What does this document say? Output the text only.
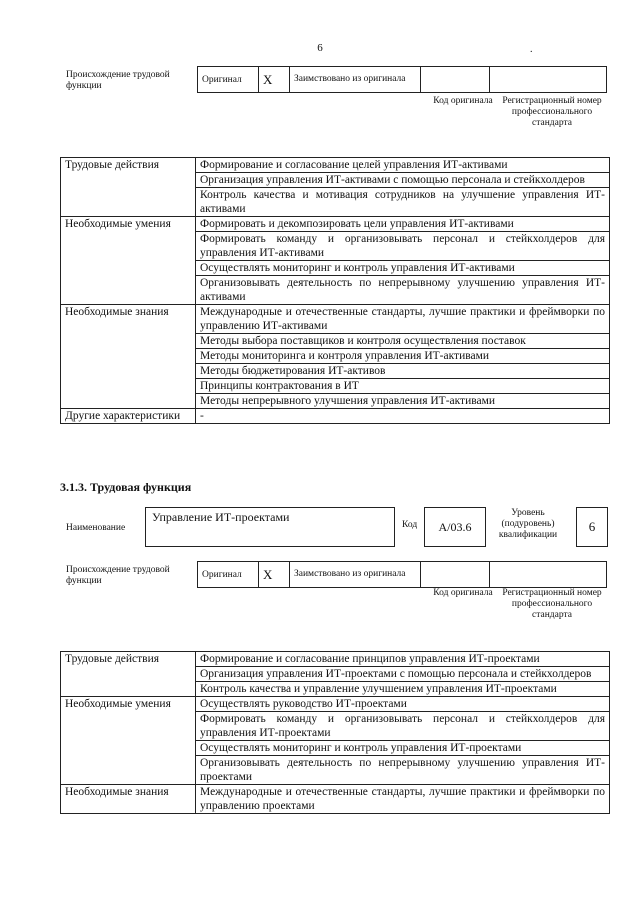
6	.
Происхождение трудовой функции
Оригинал	X	Заимствовано из оригинала		
Код оригинала	Регистрационный номер профессионального стандарта
Трудовые действия	Формирование и согласование целей управления ИТ-активами
	Организация управления ИТ-активами с помощью персонала и стейкхолдеров
	Контроль качества и мотивация сотрудников на улучшение управления ИТ-активами
Необходимые умения	Формировать и декомпозировать цели управления ИТ-активами
	Формировать команду и организовывать персонал и стейкхолдеров для управления ИТ-активами
	Осуществлять мониторинг и контроль управления ИТ-активами
	Организовывать деятельность по непрерывному улучшению управления ИТ-активами
Необходимые знания	Международные и отечественные стандарты, лучшие практики и фреймворки по управлению ИТ-активами
	Методы выбора поставщиков и контроля осуществления поставок
	Методы мониторинга и контроля управления ИТ-активами
	Методы бюджетирования ИТ-активов
	Принципы контрактования в ИТ
	Методы непрерывного улучшения управления ИТ-активами
Другие характеристики	-
3.1.3. Трудовая функция
Наименование
Управление ИТ-проектами
Код	A/03.6
Уровень (подуровень) квалификации
6
Происхождение трудовой функции
Оригинал	X	Заимствовано из оригинала		
Код оригинала	Регистрационный номер профессионального стандарта
Трудовые действия	Формирование и согласование принципов управления ИТ-проектами
	Организация управления ИТ-проектами с помощью персонала и стейкхолдеров
	Контроль качества и управление улучшением управления ИТ-проектами
Необходимые умения	Осуществлять руководство ИТ-проектами
	Формировать команду и организовывать персонал и стейкхолдеров для управления ИТ-проектами
	Осуществлять мониторинг и контроль управления ИТ-проектами
	Организовывать деятельность по непрерывному улучшению управления ИТ-проектами
Необходимые знания	Международные и отечественные стандарты, лучшие практики и фреймворки по управлению проектами
